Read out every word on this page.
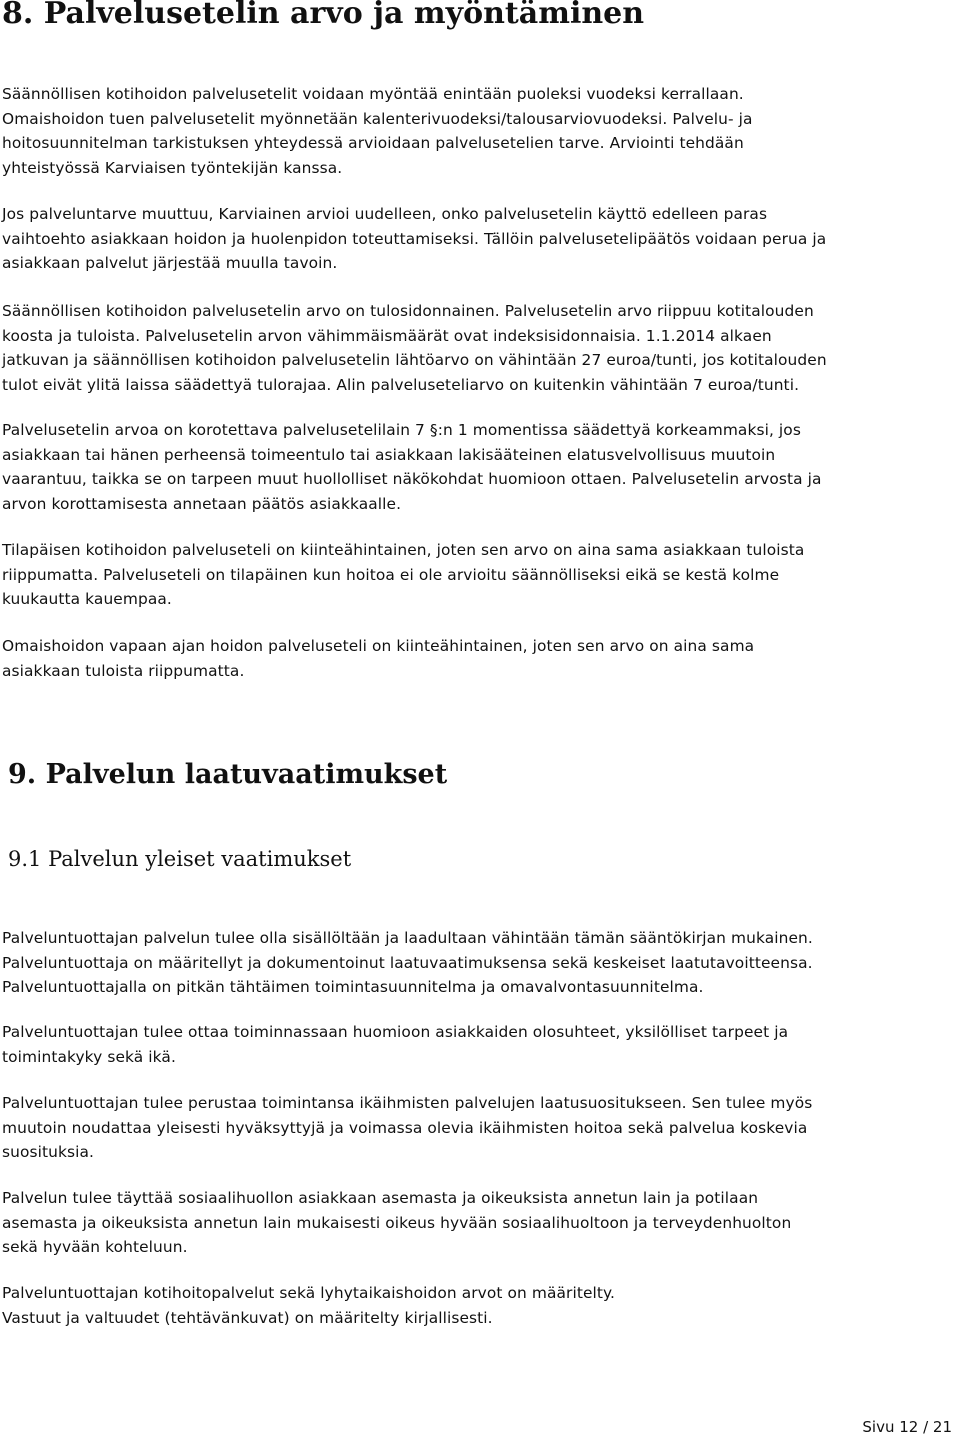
8. Palvelusetelin arvo ja myöntäminen

Säännöllisen kotihoidon palvelusetelit voidaan myöntää enintään puoleksi vuodeksi kerrallaan.
Omaishoidon tuen palvelusetelit myönnetään kalenterivuodeksi/talousarviovuodeksi. Palvelu- ja
hoitosuunnitelman tarkistuksen yhteydessä arvioidaan palvelusetelien tarve. Arviointi tehdään
yhteistyössä Karviaisen työntekijän kanssa.

Jos palveluntarve muuttuu, Karviainen arvioi uudelleen, onko palvelusetelin käyttö edelleen paras
vaihtoehto asiakkaan hoidon ja huolenpidon toteuttamiseksi. Tällöin palvelusetelipäätös voidaan perua ja
asiakkaan palvelut järjestää muulla tavoin.

Säännöllisen kotihoidon palvelusetelin arvo on tulosidonnainen. Palvelusetelin arvo riippuu kotitalouden
koosta ja tuloista. Palvelusetelin arvon vähimmäismäärät ovat indeksisidonnaisia. 1.1.2014 alkaen
jatkuvan ja säännöllisen kotihoidon palvelusetelin lähtöarvo on vähintään 27 euroa/tunti, jos kotitalouden
tulot eivät ylitä laissa säädettyä tulorajaa. Alin palveluseteliarvo on kuitenkin vähintään 7 euroa/tunti.

Palvelusetelin arvoa on korotettava palvelusetelilain 7 §:n 1 momentissa säädettyä korkeammaksi, jos
asiakkaan tai hänen perheensä toimeentulo tai asiakkaan lakisääteinen elatusvelvollisuus muutoin
vaarantuu, taikka se on tarpeen muut huollolliset näkökohdat huomioon ottaen. Palvelusetelin arvosta ja
arvon korottamisesta annetaan päätös asiakkaalle.

Tilapäisen kotihoidon palveluseteli on kiinteähintainen, joten sen arvo on aina sama asiakkaan tuloista
riippumatta. Palveluseteli on tilapäinen kun hoitoa ei ole arvioitu säännölliseksi eikä se kestä kolme
kuukautta kauempaa.

Omaishoidon vapaan ajan hoidon palveluseteli on kiinteähintainen, joten sen arvo on aina sama
asiakkaan tuloista riippumatta.

9. Palvelun laatuvaatimukset
9.1 Palvelun yleiset vaatimukset

Palveluntuottajan palvelun tulee olla sisällöltään ja laadultaan vähintään tämän sääntökirjan mukainen.
Palveluntuottaja on määritellyt ja dokumentoinut laatuvaatimuksensa sekä keskeiset laatutavoitteensa.
Palveluntuottajalla on pitkän tähtäimen toimintasuunnitelma ja omavalvontasuunnitelma.

Palveluntuottajan tulee ottaa toiminnassaan huomioon asiakkaiden olosuhteet, yksilölliset tarpeet ja
toimintakyky sekä ikä.

Palveluntuottajan tulee perustaa toimintansa ikäihmisten palvelujen laatusuositukseen. Sen tulee myös
muutoin noudattaa yleisesti hyväksyttyjä ja voimassa olevia ikäihmisten hoitoa sekä palvelua koskevia
suosituksia.

Palvelun tulee täyttää sosiaalihuollon asiakkaan asemasta ja oikeuksista annetun lain ja potilaan
asemasta ja oikeuksista annetun lain mukaisesti oikeus hyvään sosiaalihuoltoon ja terveydenhuolton
sekä hyvään kohteluun.

Palveluntuottajan kotihoitopalvelut sekä lyhytaikaishoidon arvot on määritelty.
Vastuut ja valtuudet (tehtävänkuvat) on määritelty kirjallisesti.

Sivu 12 / 21
